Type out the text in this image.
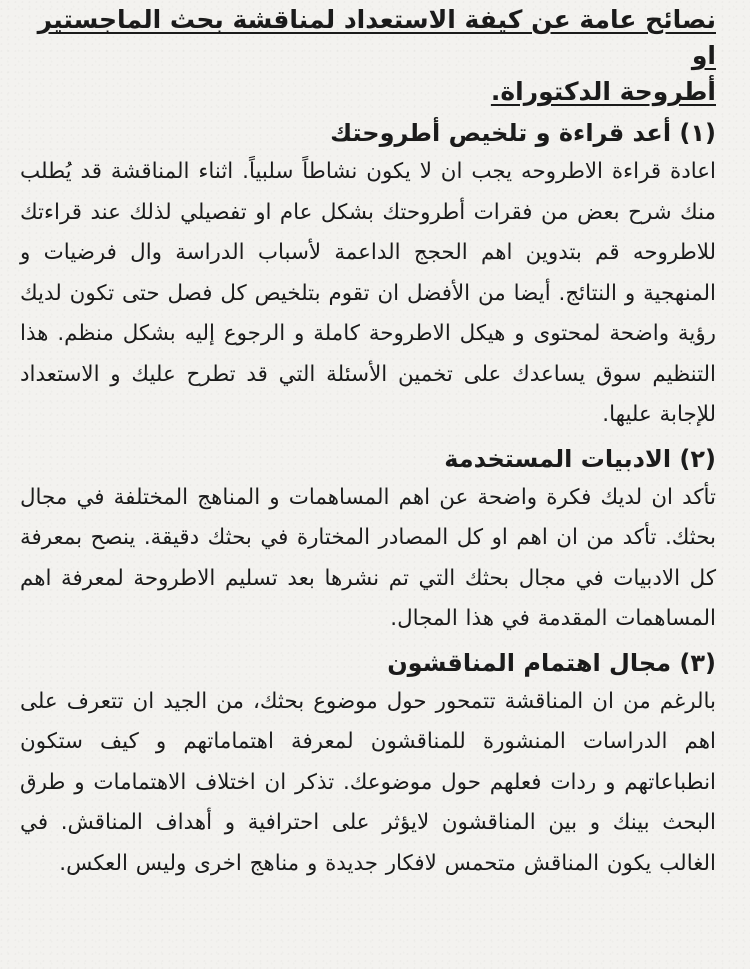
نصائح عامة عن كيفة الاستعداد لمناقشة بحث الماجستير او
أطروحة الدكتوراة.
(١) أعد قراءة و تلخيص أطروحتك

اعادة قراءة الاطروحه يجب ان لا يكون نشاطاً سلبياً. اثناء المناقشة قد يُطلب منك شرح بعض من فقرات أطروحتك بشكل عام او تفصيلي لذلك عند قراءتك للاطروحه قم بتدوين اهم الحجج الداعمة لأسباب الدراسة وال فرضيات و المنهجية و النتائج. أيضا من الأفضل ان تقوم بتلخيص كل فصل حتى تكون لديك رؤية واضحة لمحتوى و هيكل الاطروحة كاملة و الرجوع إليه بشكل منظم. هذا التنظيم سوق يساعدك على تخمين الأسئلة التي قد تطرح عليك و الاستعداد للإجابة عليها.

(٢) الادبيات المستخدمة

تأكد ان لديك فكرة واضحة عن اهم المساهمات و المناهج المختلفة في مجال بحثك. تأكد من ان اهم او كل المصادر المختارة في بحثك دقيقة. ينصح بمعرفة كل الادبيات في مجال بحثك التي تم نشرها بعد تسليم الاطروحة لمعرفة اهم المساهمات المقدمة في هذا المجال.

(٣) مجال اهتمام المناقشون

بالرغم من ان المناقشة تتمحور حول موضوع بحثك، من الجيد ان تتعرف على اهم الدراسات المنشورة للمناقشون لمعرفة اهتماماتهم و كيف ستكون انطباعاتهم و ردات فعلهم حول موضوعك. تذكر ان اختلاف الاهتمامات و طرق البحث بينك و بين المناقشون لايؤثر على احترافية و أهداف المناقش. في الغالب يكون المناقش متحمس لافكار جديدة و مناهج اخرى وليس العكس.
